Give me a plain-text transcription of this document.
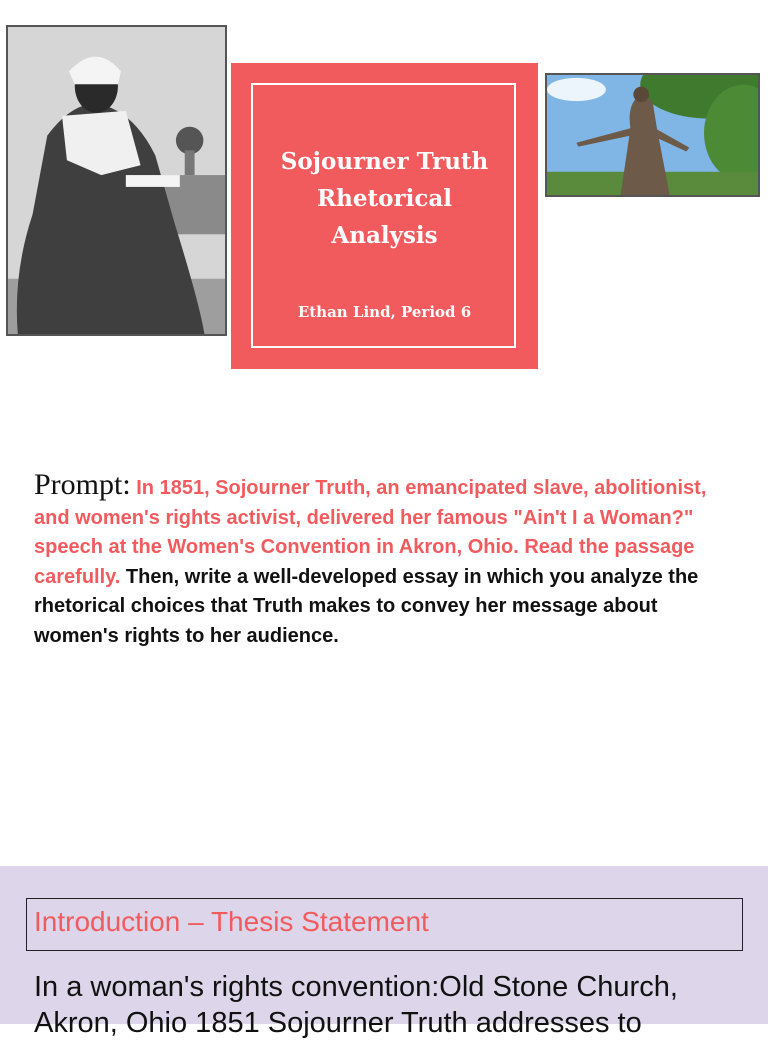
Sojourner Truth
Rhetorical
Analysis
Ethan Lind, Period 6
Prompt: In 1851, Sojourner Truth, an emancipated slave, abolitionist, and women's rights activist, delivered her famous "Ain't I a Woman?" speech at the Women's Convention in Akron, Ohio. Read the passage carefully. Then, write a well-developed essay in which you analyze the rhetorical choices that Truth makes to convey her message about women's rights to her audience.
Introduction – Thesis Statement
In a woman's rights convention:Old Stone Church, Akron, Ohio 1851 Sojourner Truth addresses to
